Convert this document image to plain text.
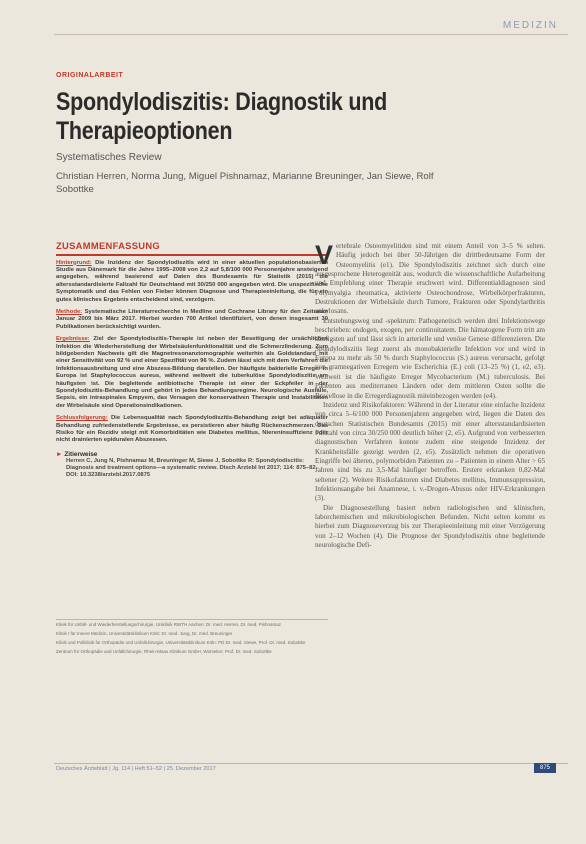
MEDIZIN
ORIGINALARBEIT
Spondylodiszitis: Diagnostik und Therapieoptionen
Systematisches Review
Christian Herren, Norma Jung, Miguel Pishnamaz, Marianne Breuninger, Jan Siewe, Rolf Sobottke
ZUSAMMENFASSUNG

Hintergrund: Die Inzidenz der Spondylodiszitis wird in einer aktuellen populationsbasierten Studie aus Dänemark für die Jahre 1995–2008 von 2,2 auf 5,8/100 000 Personenjahre ansteigend angegeben, während basierend auf Daten des Bundesamts für Statistik (2015) die altersstandardisierte Fallzahl für Deutschland mit 30/250 000 angegeben wird. Die unspezifische Symptomatik und das Fehlen von Fieber können Diagnose und Therapieeinleitung, die für ein gutes klinisches Ergebnis entscheidend sind, verzögern.

Methode: Systematische Literaturrecherche in Medline und Cochrane Library für den Zeitraum Januar 2009 bis März 2017. Hierbei wurden 700 Artikel identifiziert, von denen insgesamt 30 Publikationen berücksichtigt wurden.

Ergebnisse: Ziel der Spondylodiszitis-Therapie ist neben der Beseitigung der ursächlichen Infektion die Wiederherstellung der Wirbelsäulenfunktionalität und die Schmerzlinderung. Zum bildgebenden Nachweis gilt die Magnetresonanztomographie weiterhin als Goldstandard mit einer Sensitivität von 92 % und einer Spezifität von 96 %. Zudem lässt sich mit dem Verfahren die Infektionsausbreitung und eine Abszess-Bildung darstellen. Der häufigste bakterielle Erreger in Europa ist Staphylococcus aureus, während weltweit die tuberkulöse Spondylodiszitis am häufigsten ist. Die begleitende antibiotische Therapie ist einer der Eckpfeiler in der Spondylodiszitis-Behandlung und gehört in jedes Behandlungsregime. Neurologische Ausfälle, Sepsis, ein intraspinales Empyem, das Versagen der konservativen Therapie und Instabilitäten der Wirbelsäule sind Operationsindikationen.

Schlussfolgerung: Die Lebensqualität nach Spondylodiszitis-Behandlung zeigt bei adäquater Behandlung zufriedenstellende Ergebnisse, es persistieren aber häufig Rückenschmerzen. Das Risiko für ein Rezidiv steigt mit Komorbiditäten wie Diabetes mellitus, Niereninsuffizienz oder nicht drainierten epiduralen Abszessen.

► Zitierweise
Herren C, Jung N, Pishnamaz M, Breuninger M, Siewe J, Sobottke R: Spondylodiscitis: Diagnosis and treatment options—a systematic review. Dtsch Arztebl Int 2017; 114: 875–82. DOI: 10.3238/arztebl.2017.0875

Klinik für Unfall- und Wiederherstellungschirurgie, Uniklinik RWTH Aachen: Dr. med. Herren, Dr. med. Pishnamaz

Klinik I für Innere Medizin, Universitätsklinikum Köln: Dr. med. Jung, Dr. med. Breuninger

Klinik und Poliklinik für Orthopädie und Unfallchirurgie, Universitätsklinikum Köln: PD Dr. med. Siewe, Prof. Dr. med. Sobottke

Zentrum für Orthopädie und Unfallchirurgie, Rhein-Maas Klinikum GmbH, Würselen: Prof. Dr. med. Sobottke

Vertebrale Osteomyelitiden sind mit einem Anteil von 3–5 % selten. Häufig jedoch bei über 50-Jährigen die drittbedeutsame Form der Osteomyelitis (e1). Die Spondylodiszitis zeichnet sich durch eine ausgesprochene Heterogenität aus, wodurch die wissenschaftliche Aufarbeitung und Empfehlung einer Therapie erschwert wird. Differentialdiagnosen sind Polymyalgia rheumatica, aktivierte Osteochondrose, Wirbelkörperfrakturen, Destruktionen der Wirbelsäule durch Tumore, Frakturen oder Spondylarthritis ankylosans.

Entstehungsweg und -spektrum: Pathogenetisch werden drei Infektionswege beschrieben: endogen, exogen, per continuitatem. Die hämatogene Form tritt am häufigsten auf und lässt sich in arterielle und venöse Genese differenzieren. Die Spondylodiszitis liegt zuerst als monobakterielle Infektion vor und wird in Europa zu mehr als 50 % durch Staphylococcus (S.) aureus verursacht, gefolgt von gramnegativen Erregern wie Escherichia (E.) coli (13–25 %) (1, e2, e3). Weltweit ist die häufigste Erreger Mycobacterium (M.) tuberculosis. Bei Patienten aus mediterranen Ländern oder dem mittleren Osten sollte die Brucellose in die Erregerdiagnostik miteinbezogen werden (e4).

Inzidenz und Risikofaktoren: Während in der Literatur eine einfache Inzidenz von circa 5–6/100 000 Personenjahren angegeben wird, liegen die Daten des deutschen Statistischen Bundesamts (2015) mit einer altersstandardisierten Fallzahl von circa 30/250 000 deutlich höher (2, e5). Aufgrund von verbesserten diagnostischen Verfahren konnte zudem eine steigende Inzidenz der Krankheitsfälle gezeigt werden (2, e5). Zusätzlich nehmen die operativen Eingriffe bei älteren, polymorbiden Patienten zu – Patienten in einem Alter > 65 Jahren sind bis zu 3,5-Mal häufiger betroffen. Erstere erkranken 0,82-Mal seltener (2). Weitere Risikofaktoren sind Diabetes mellitus, Immunsuppression, Infektionsangabe bei Anamnese, i. v.-Drogen-Abusus oder HIV-Erkrankungen (3).

Die Diagnosestellung basiert neben radiologischen und klinischen, laborchemischen und mikrobiologischen Befunden. Nicht selten kommt es hierbei zum Diagnoseverzug bis zur Therapieeinleitung mit einer Verzögerung von 2–12 Wochen (4). Die Prognose der Spondylodiszitis ohne begleitende neurologische Defi-

Deutsches Ärzteblatt | Jg. 114 | Heft 51–52 | 25. Dezember 2017	875
